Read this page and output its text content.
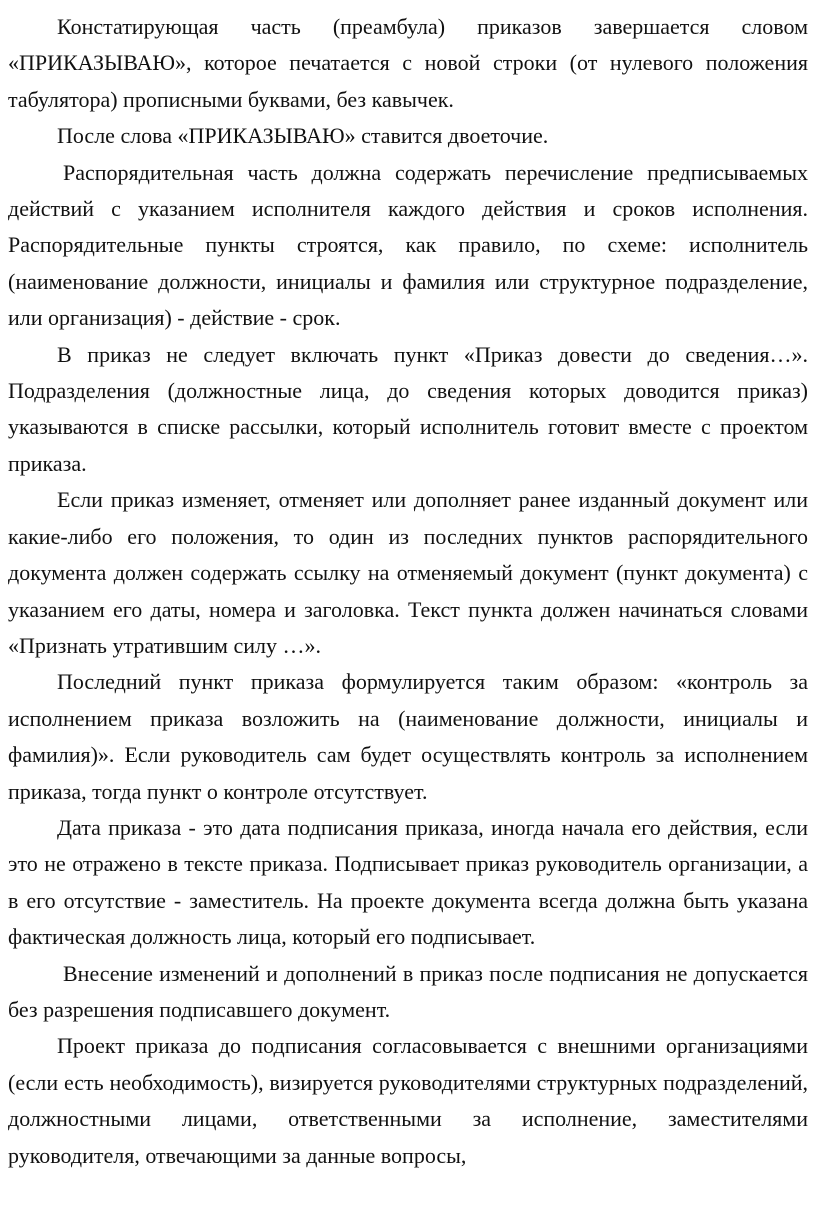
Констатирующая часть (преамбула) приказов завершается словом «ПРИКАЗЫВАЮ», которое печатается с новой строки (от нулевого положения табулятора) прописными буквами, без кавычек.

После слова «ПРИКАЗЫВАЮ» ставится двоеточие.

Распорядительная часть должна содержать перечисление предписываемых действий с указанием исполнителя каждого действия и сроков исполнения. Распорядительные пункты строятся, как правило, по схеме: исполнитель (наименование должности, инициалы и фамилия или структурное подразделение, или организация) - действие - срок.

В приказ не следует включать пункт «Приказ довести до сведения…». Подразделения (должностные лица, до сведения которых доводится приказ) указываются в списке рассылки, который исполнитель готовит вместе с проектом приказа.

Если приказ изменяет, отменяет или дополняет ранее изданный документ или какие-либо его положения, то один из последних пунктов распорядительного документа должен содержать ссылку на отменяемый документ (пункт документа) с указанием его даты, номера и заголовка. Текст пункта должен начинаться словами «Признать утратившим силу …».

Последний пункт приказа формулируется таким образом: «контроль за исполнением приказа возложить на (наименование должности, инициалы и фамилия)». Если руководитель сам будет осуществлять контроль за исполнением приказа, тогда пункт о контроле отсутствует.

Дата приказа - это дата подписания приказа, иногда начала его действия, если это не отражено в тексте приказа. Подписывает приказ руководитель организации, а в его отсутствие - заместитель. На проекте документа всегда должна быть указана фактическая должность лица, который его подписывает.

Внесение изменений и дополнений в приказ после подписания не допускается без разрешения подписавшего документ.

Проект приказа до подписания согласовывается с внешними организациями (если есть необходимость), визируется руководителями структурных подразделений, должностными лицами, ответственными за исполнение, заместителями руководителя, отвечающими за данные вопросы,
